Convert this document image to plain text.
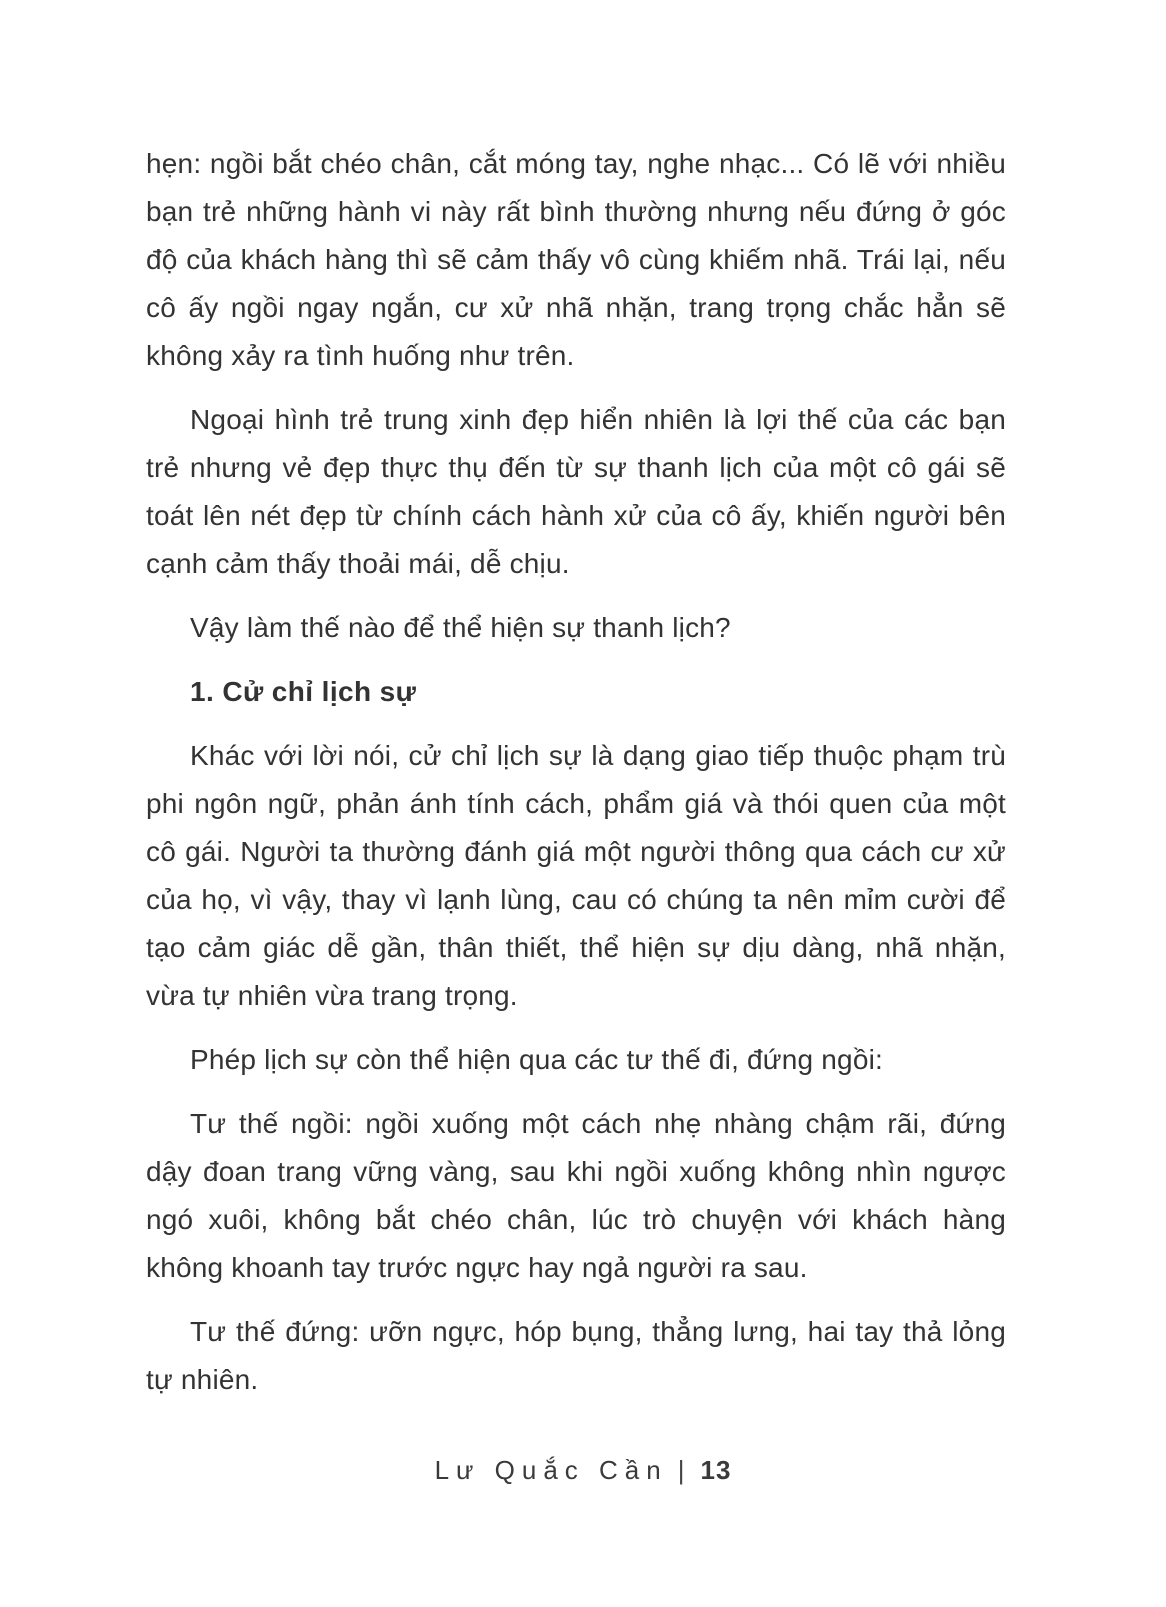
hẹn: ngồi bắt chéo chân, cắt móng tay, nghe nhạc... Có lẽ với nhiều bạn trẻ những hành vi này rất bình thường nhưng nếu đứng ở góc độ của khách hàng thì sẽ cảm thấy vô cùng khiếm nhã. Trái lại, nếu cô ấy ngồi ngay ngắn, cư xử nhã nhặn, trang trọng chắc hẳn sẽ không xảy ra tình huống như trên.

Ngoại hình trẻ trung xinh đẹp hiển nhiên là lợi thế của các bạn trẻ nhưng vẻ đẹp thực thụ đến từ sự thanh lịch của một cô gái sẽ toát lên nét đẹp từ chính cách hành xử của cô ấy, khiến người bên cạnh cảm thấy thoải mái, dễ chịu.

Vậy làm thế nào để thể hiện sự thanh lịch?

1. Cử chỉ lịch sự

Khác với lời nói, cử chỉ lịch sự là dạng giao tiếp thuộc phạm trù phi ngôn ngữ, phản ánh tính cách, phẩm giá và thói quen của một cô gái. Người ta thường đánh giá một người thông qua cách cư xử của họ, vì vậy, thay vì lạnh lùng, cau có chúng ta nên mỉm cười để tạo cảm giác dễ gần, thân thiết, thể hiện sự dịu dàng, nhã nhặn, vừa tự nhiên vừa trang trọng.

Phép lịch sự còn thể hiện qua các tư thế đi, đứng ngồi:

Tư thế ngồi: ngồi xuống một cách nhẹ nhàng chậm rãi, đứng dậy đoan trang vững vàng, sau khi ngồi xuống không nhìn ngược ngó xuôi, không bắt chéo chân, lúc trò chuyện với khách hàng không khoanh tay trước ngực hay ngả người ra sau.

Tư thế đứng: ưỡn ngực, hóp bụng, thẳng lưng, hai tay thả lỏng tự nhiên.

Lư Quắc Cần | 13
